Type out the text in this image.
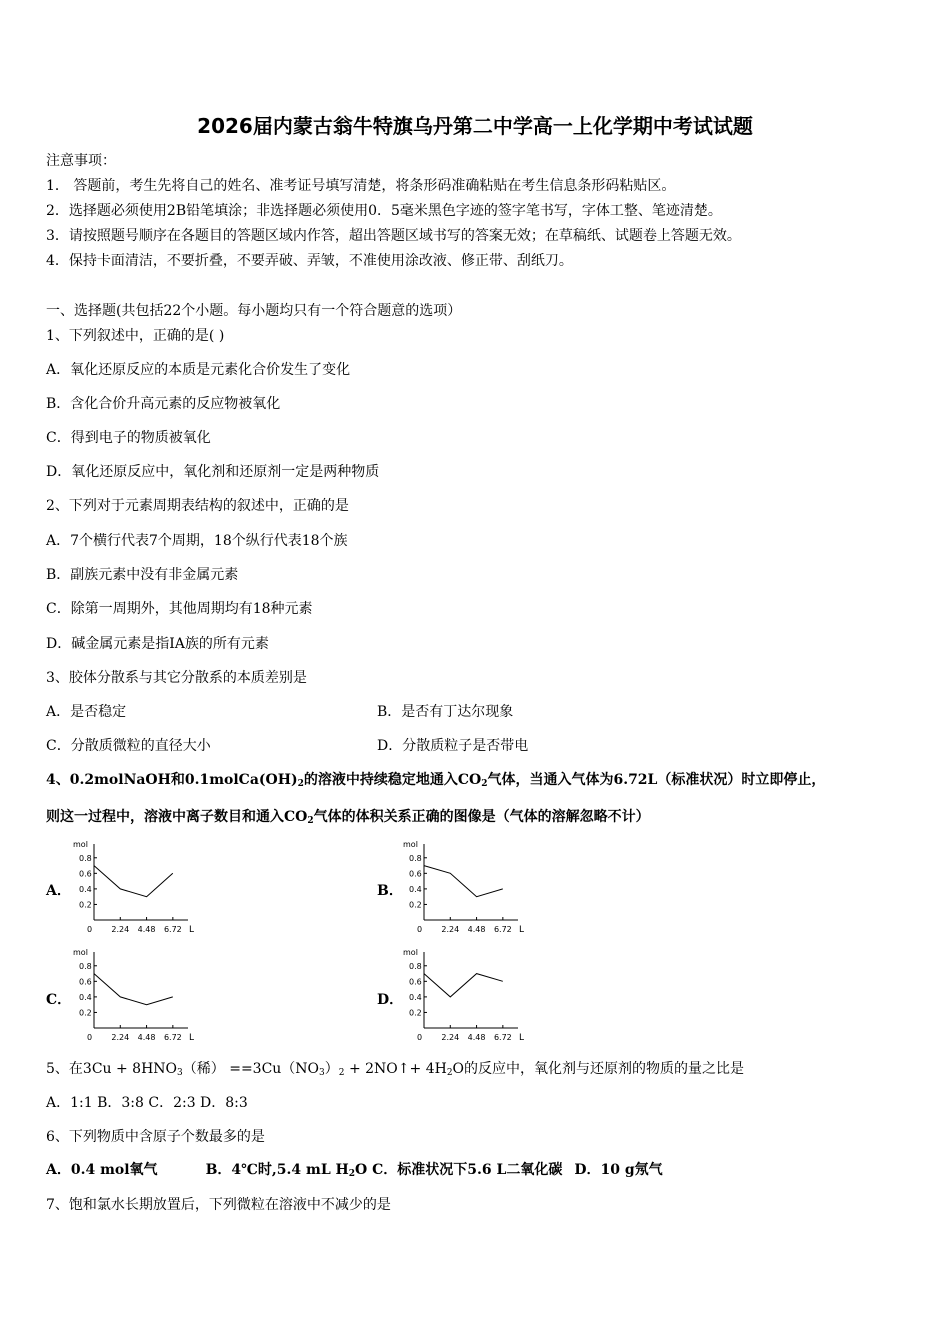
2026届内蒙古翁牛特旗乌丹第二中学高一上化学期中考试试题
注意事项：
1． 答题前，考生先将自己的姓名、准考证号填写清楚，将条形码准确粘贴在考生信息条形码粘贴区。
2．选择题必须使用2B铅笔填涂；非选择题必须使用0．5毫米黑色字迹的签字笔书写，字体工整、笔迹清楚。
3．请按照题号顺序在各题目的答题区域内作答，超出答题区域书写的答案无效；在草稿纸、试题卷上答题无效。
4．保持卡面清洁，不要折叠，不要弄破、弄皱，不准使用涂改液、修正带、刮纸刀。
一、选择题(共包括22个小题。每小题均只有一个符合题意的选项）
1、下列叙述中，正确的是( )
A．氧化还原反应的本质是元素化合价发生了变化
B．含化合价升高元素的反应物被氧化
C．得到电子的物质被氧化
D．氧化还原反应中，氧化剂和还原剂一定是两种物质
2、下列对于元素周期表结构的叙述中，正确的是
A．7个横行代表7个周期，18个纵行代表18个族
B．副族元素中没有非金属元素
C．除第一周期外，其他周期均有18种元素
D．碱金属元素是指ⅠA族的所有元素
3、胶体分散系与其它分散系的本质差别是
A．是否稳定	B．是否有丁达尔现象
C．分散质微粒的直径大小	D．分散质粒子是否带电
4、0.2molNaOH和$0.1molCa(OH)_2$的溶液中持续稳定地通入$CO_2$气体，当通入气体为6.72L（标准状况）时立即停止，
则这一过程中，溶液中离子数目和通入$CO_2$气体的体积关系正确的图像是（气体的溶解忽略不计）
A．	B．
C．	D．
mol
L
0
0.8
0.6
0.4
0.2
2.24 4.48 6.72
mol
L
0
0.8
0.6
0.4
0.2
2.24 4.48 6.72
mol
L
0
0.8
0.6
0.4
0.2
2.24 4.48 6.72
mol
L
0
0.8
0.6
0.4
0.2
2.24 4.48 6.72
5、在$3Cu + 8HNO_3$（稀） $==3Cu(NO_3)_2$ + 2NO↑+ $4H_2O$的反应中，氧化剂与还原剂的物质的量之比是
A．1:1 B．3:8 C．2:3 D．8:3
6、下列物质中含原子个数最多的是
A．0.4 mol氧气	B．4℃时,5.4 mL $H_2O$ C．标准状况下5.6 L二氧化碳 D．10 g氖气
7、饱和氯水长期放置后，下列微粒在溶液中不减少的是
